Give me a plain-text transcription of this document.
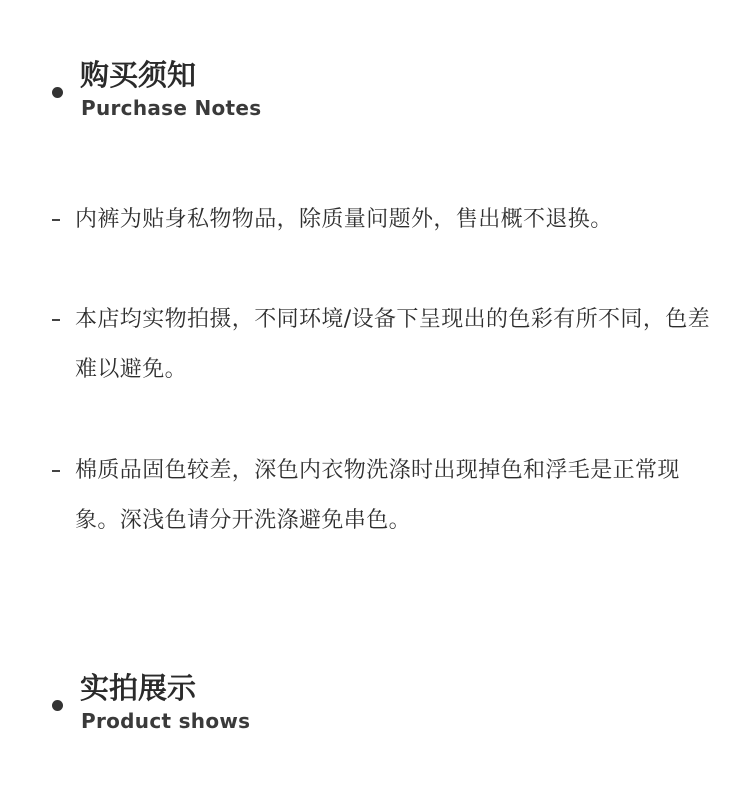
购买须知
Purchase Notes
内裤为贴身私物物品，除质量问题外，售出概不退换。
本店均实物拍摄，不同环境/设备下呈现出的色彩有所不同，色差难以避免。
棉质品固色较差，深色内衣物洗涤时出现掉色和浮毛是正常现象。深浅色请分开洗涤避免串色。
实拍展示
Product shows
